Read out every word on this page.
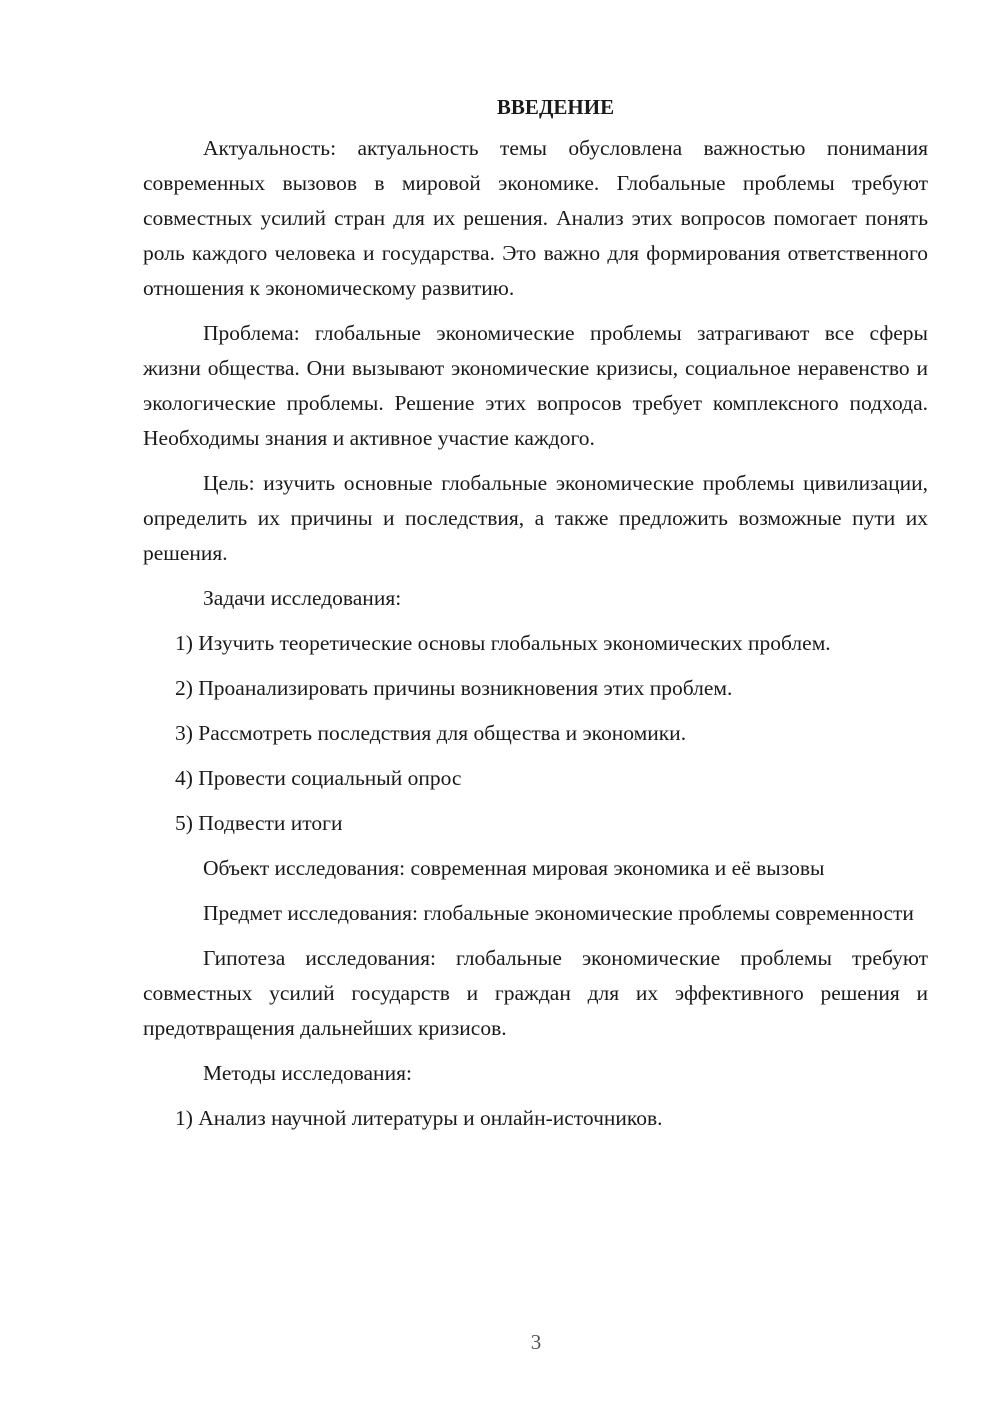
ВВЕДЕНИЕ

Актуальность: актуальность темы обусловлена важностью понимания современных вызовов в мировой экономике. Глобальные проблемы требуют совместных усилий стран для их решения. Анализ этих вопросов помогает понять роль каждого человека и государства. Это важно для формирования ответственного отношения к экономическому развитию.

Проблема: глобальные экономические проблемы затрагивают все сферы жизни общества. Они вызывают экономические кризисы, социальное неравенство и экологические проблемы. Решение этих вопросов требует комплексного подхода. Необходимы знания и активное участие каждого.

Цель: изучить основные глобальные экономические проблемы цивилизации, определить их причины и последствия, а также предложить возможные пути их решения.

Задачи исследования:

1) Изучить теоретические основы глобальных экономических проблем.

2) Проанализировать причины возникновения этих проблем.

3) Рассмотреть последствия для общества и экономики.

4) Провести социальный опрос

5) Подвести итоги

Объект исследования: современная мировая экономика и её вызовы

Предмет исследования: глобальные экономические проблемы современности

Гипотеза исследования: глобальные экономические проблемы требуют совместных усилий государств и граждан для их эффективного решения и предотвращения дальнейших кризисов.

Методы исследования:

1) Анализ научной литературы и онлайн-источников.

3
